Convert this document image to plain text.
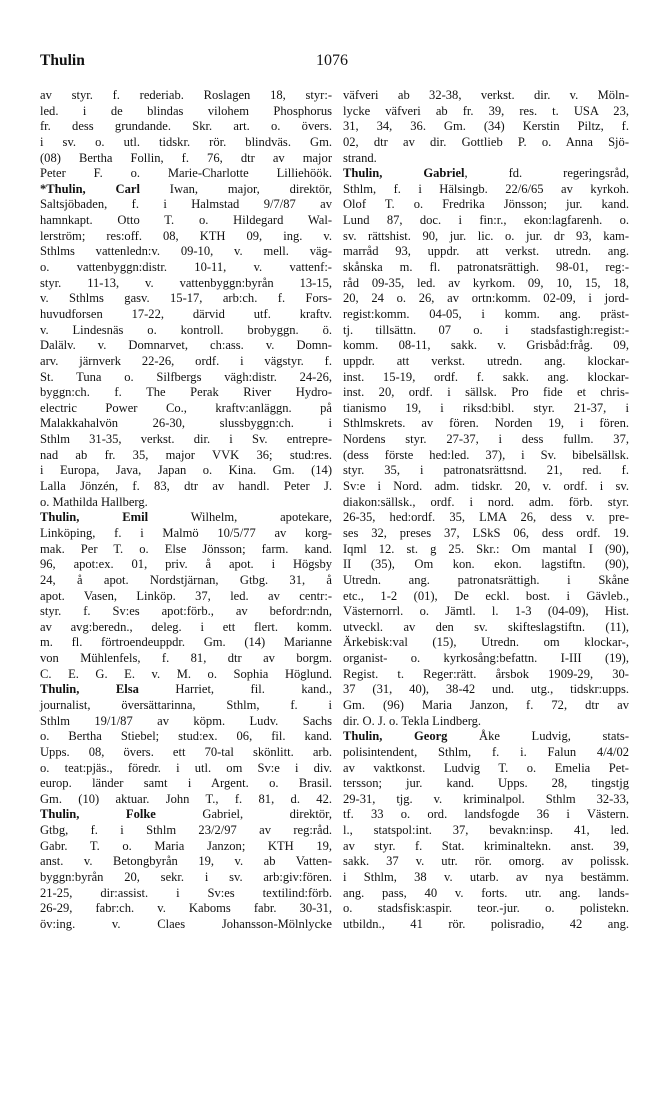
Thulin	1076
av styr. f. rederiab. Roslagen 18, styr:-
led. i de blindas vilohem Phosphorus
fr. dess grundande. Skr. art. o. övers.
i sv. o. utl. tidskr. rör. blindväs. Gm.
(08) Bertha Follin, f. 76, dtr av major
Peter F. o. Marie-Charlotte Lilliehöök.
*Thulin, Carl Iwan, major, direktör,
Saltsjöbaden, f. i Halmstad 9/7/87 av
hamnkapt. Otto T. o. Hildegard Wal-
lerström; res:off. 08, KTH 09, ing. v.
Sthlms vattenledn:v. 09-10, v. mell. väg-
o. vattenbyggn:distr. 10-11, v. vattenf:-
styr. 11-13, v. vattenbyggn:byrån 13-15,
v. Sthlms gasv. 15-17, arb:ch. f. Fors-
huvudforsen 17-22, därvid utf. kraftv.
v. Lindesnäs o. kontroll. brobyggn. ö.
Dalälv. v. Domnarvet, ch:ass. v. Domn-
arv. järnverk 22-26, ordf. i vägstyr. f.
St. Tuna o. Silfbergs vägh:distr. 24-26,
byggn:ch. f. The Perak River Hydro-
electric Power Co., kraftv:anläggn. på
Malakkahalvön 26-30, slussbyggn:ch. i
Sthlm 31-35, verkst. dir. i Sv. entrepre-
nad ab fr. 35, major VVK 36; stud:res.
i Europa, Java, Japan o. Kina. Gm. (14)
Lalla Jönzén, f. 83, dtr av handl. Peter J.
o. Mathilda Hallberg.
Thulin, Emil Wilhelm, apotekare,
Linköping, f. i Malmö 10/5/77 av korg-
mak. Per T. o. Else Jönsson; farm. kand.
96, apot:ex. 01, priv. å apot. i Högsby
24, å apot. Nordstjärnan, Gtbg. 31, å
apot. Vasen, Linköp. 37, led. av centr:-
styr. f. Sv:es apot:förb., av befordr:ndn,
av avg:beredn., deleg. i ett flert. komm.
m. fl. förtroendeuppdr. Gm. (14) Marianne
von Mühlenfels, f. 81, dtr av borgm.
C. E. G. E. v. M. o. Sophia Höglund.
Thulin, Elsa Harriet, fil. kand.,
journalist, översättarinna, Sthlm, f. i
Sthlm 19/1/87 av köpm. Ludv. Sachs
o. Bertha Stiebel; stud:ex. 06, fil. kand.
Upps. 08, övers. ett 70-tal skönlitt. arb.
o. teat:pjäs., föredr. i utl. om Sv:e i div.
europ. länder samt i Argent. o. Brasil.
Gm. (10) aktuar. John T., f. 81, d. 42.
Thulin, Folke Gabriel, direktör,
Gtbg, f. i Sthlm 23/2/97 av reg:råd.
Gabr. T. o. Maria Janzon; KTH 19,
anst. v. Betongbyrån 19, v. ab Vatten-
byggn:byrån 20, sekr. i sv. arb:giv:fören.
21-25, dir:assist. i Sv:es textilind:förb.
26-29, fabr:ch. v. Kaboms fabr. 30-31,
öv:ing. v. Claes Johansson-Mölnlycke
väfveri ab 32-38, verkst. dir. v. Möln-
lycke väfveri ab fr. 39, res. t. USA 23,
31, 34, 36. Gm. (34) Kerstin Piltz, f.
02, dtr av dir. Gottlieb P. o. Anna Sjö-
strand.
Thulin, Gabriel, fd. regeringsråd,
Sthlm, f. i Hälsingb. 22/6/65 av kyrkoh.
Olof T. o. Fredrika Jönsson; jur. kand.
Lund 87, doc. i fin:r., ekon:lagfarenh. o.
sv. rättshist. 90, jur. lic. o. jur. dr 93, kam-
marråd 93, uppdr. att verkst. utredn. ang.
skånska m. fl. patronatsrättigh. 98-01, reg:-
råd 09-35, led. av kyrkom. 09, 10, 15, 18,
20, 24 o. 26, av ortn:komm. 02-09, i jord-
regist:komm. 04-05, i komm. ang. präst-
tj. tillsättn. 07 o. i stadsfastigh:regist:-
komm. 08-11, sakk. v. Grisbåd:fråg. 09,
uppdr. att verkst. utredn. ang. klockar-
inst. 15-19, ordf. f. sakk. ang. klockar-
inst. 20, ordf. i sällsk. Pro fide et chris-
tianismo 19, i riksd:bibl. styr. 21-37, i
Sthlmskrets. av fören. Norden 19, i fören.
Nordens styr. 27-37, i dess fullm. 37,
(dess förste hed:led. 37), i Sv. bibelsällsk.
styr. 35, i patronatsrättsnd. 21, red. f.
Sv:e i Nord. adm. tidskr. 20, v. ordf. i sv.
diakon:sällsk., ordf. i nord. adm. förb. styr.
26-35, hed:ordf. 35, LMA 26, dess v. pre-
ses 32, preses 37, LSkS 06, dess ordf. 19.
Iqml 12. st. g 25. Skr.: Om mantal I (90),
II (35), Om kon. ekon. lagstiftn. (90),
Utredn. ang. patronatsrättigh. i Skåne
etc., 1-2 (01), De eckl. bost. i Gävleb.,
Västernorrl. o. Jämtl. l. 1-3 (04-09), Hist.
utveckl. av den sv. skifteslagstiftn. (11),
Ärkebisk:val (15), Utredn. om klockar-,
organist- o. kyrkosång:befattn. I-III (19),
Regist. t. Reger:rätt. årsbok 1909-29, 30-
37 (31, 40), 38-42 und. utg., tidskr:upps.
Gm. (96) Maria Janzon, f. 72, dtr av
dir. O. J. o. Tekla Lindberg.
Thulin, Georg Åke Ludvig, stats-
polisintendent, Sthlm, f. i. Falun 4/4/02
av vaktkonst. Ludvig T. o. Emelia Pet-
tersson; jur. kand. Upps. 28, tingstjg
29-31, tjg. v. kriminalpol. Sthlm 32-33,
tf. 33 o. ord. landsfogde 36 i Västern.
l., statspol:int. 37, bevakn:insp. 41, led.
av styr. f. Stat. kriminaltekn. anst. 39,
sakk. 37 v. utr. rör. omorg. av polissk.
i Sthlm, 38 v. utarb. av nya bestämm.
ang. pass, 40 v. forts. utr. ang. lands-
o. stadsfisk:aspir. teor.-jur. o. polistekn.
utbildn., 41 rör. polisradio, 42 ang.
